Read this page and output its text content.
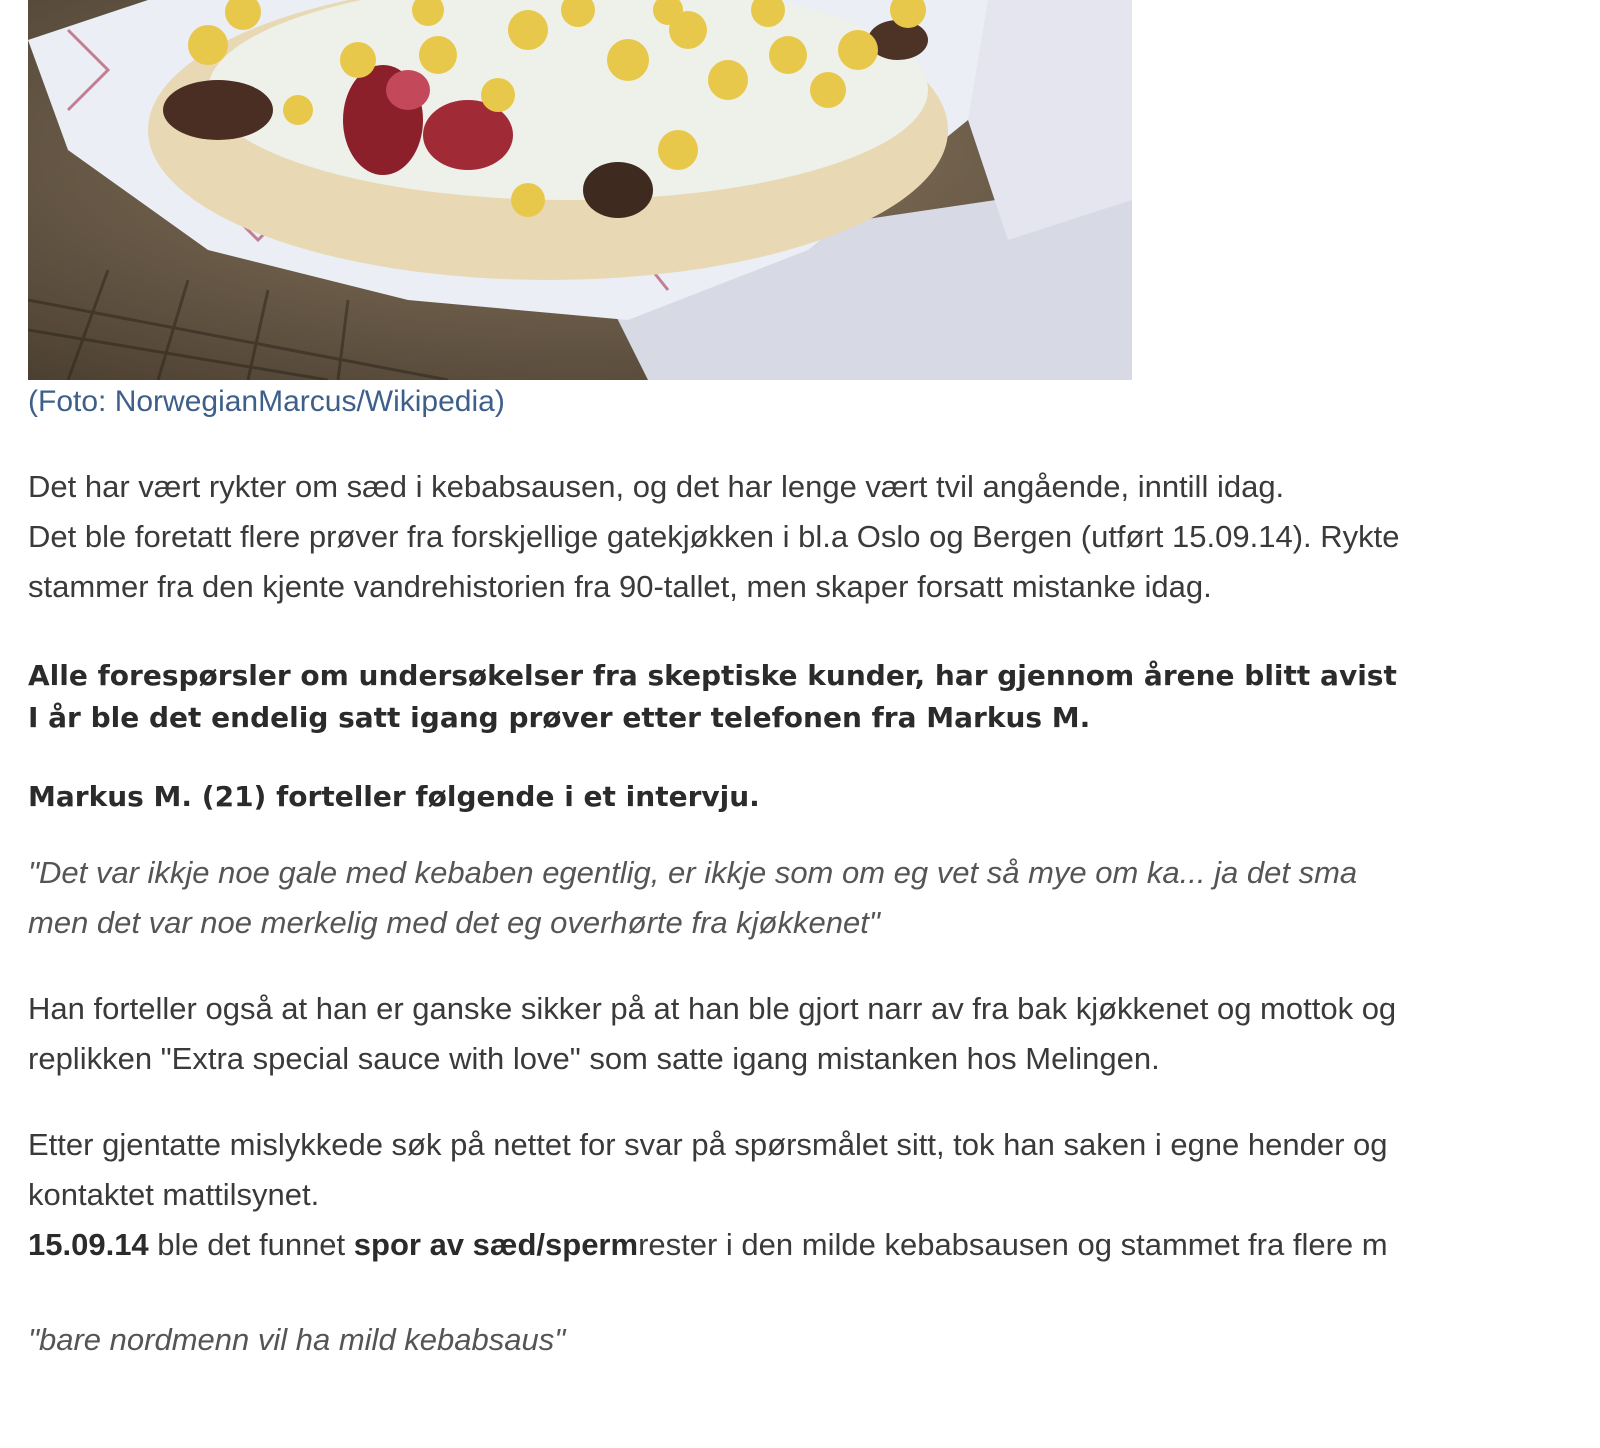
(Foto: NorwegianMarcus/Wikipedia)
Det har vært rykter om sæd i kebabsausen, og det har lenge vært tvil angående, inntill idag.
Det ble foretatt flere prøver fra forskjellige gatekjøkken i bl.a Oslo og Bergen (utført 15.09.14). Rykte
stammer fra den kjente vandrehistorien fra 90-tallet, men skaper forsatt mistanke idag.
Alle forespørsler om undersøkelser fra skeptiske kunder, har gjennom årene blitt avist
I år ble det endelig satt igang prøver etter telefonen fra Markus M.
Markus M. (21) forteller følgende i et intervju.
"Det var ikkje noe gale med kebaben egentlig, er ikkje som om eg vet så mye om ka... ja det sma
men det var noe merkelig med det eg overhørte fra kjøkkenet"
Han forteller også at han er ganske sikker på at han ble gjort narr av fra bak kjøkkenet og mottok og
replikken "Extra special sauce with love" som satte igang mistanken hos Melingen.
Etter gjentatte mislykkede søk på nettet for svar på spørsmålet sitt, tok han saken i egne hender og
kontaktet mattilsynet.
15.09.14 ble det funnet spor av sæd/spermrester i den milde kebabsausen og stammet fra flere m
"bare nordmenn vil ha mild kebabsaus"
